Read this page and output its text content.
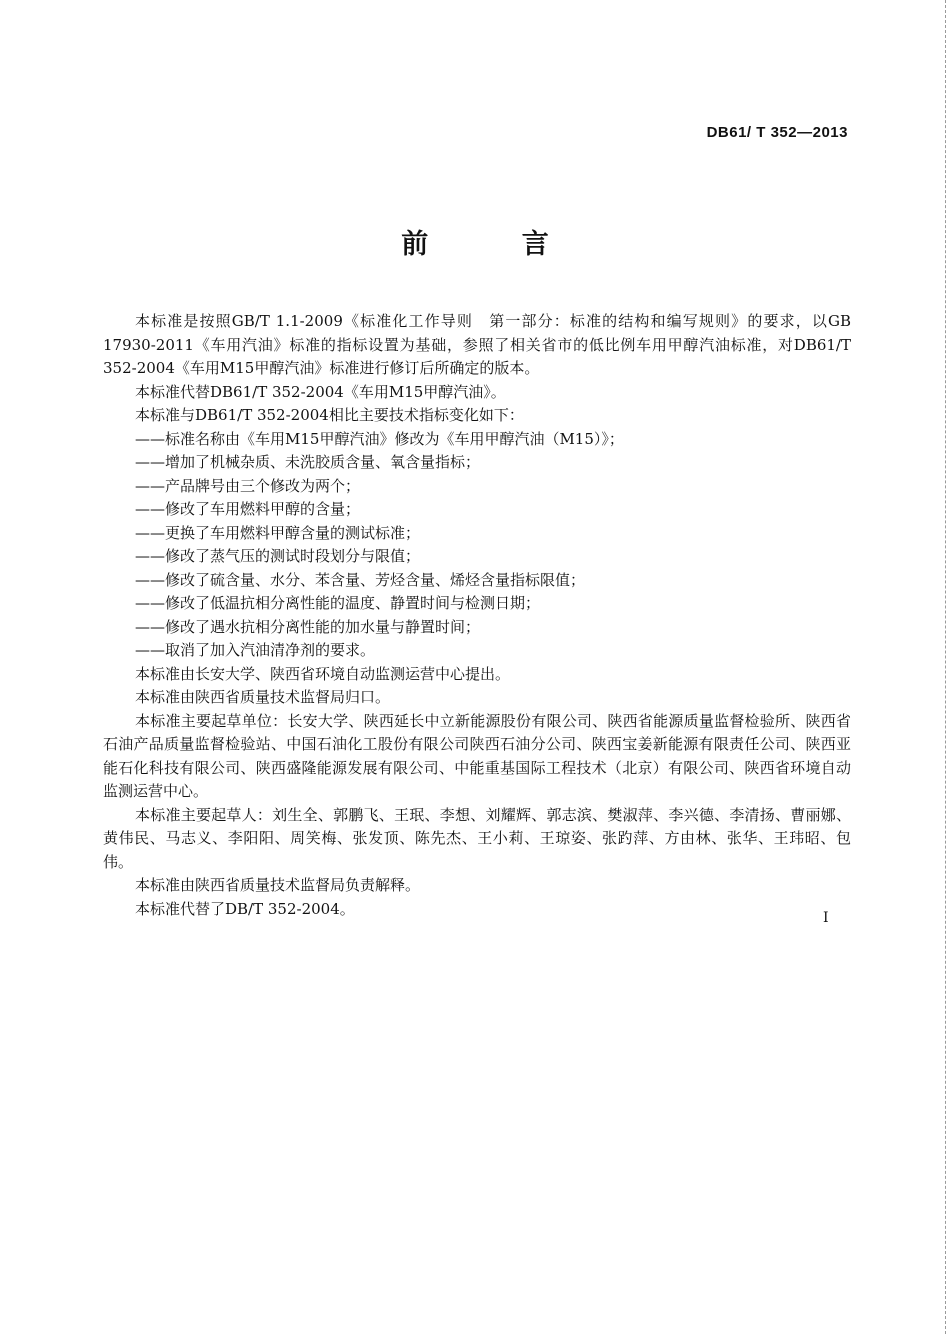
DB61/ T 352—2013
前 言

本标准是按照GB/T 1.1-2009《标准化工作导则　第一部分：标准的结构和编写规则》的要求，以GB 17930-2011《车用汽油》标准的指标设置为基础，参照了相关省市的低比例车用甲醇汽油标准，对DB61/T 352-2004《车用M15甲醇汽油》标准进行修订后所确定的版本。

本标准代替DB61/T 352-2004《车用M15甲醇汽油》。

本标准与DB61/T 352-2004相比主要技术指标变化如下：

——标准名称由《车用M15甲醇汽油》修改为《车用甲醇汽油（M15）》；

——增加了机械杂质、未洗胶质含量、氧含量指标；

——产品牌号由三个修改为两个；

——修改了车用燃料甲醇的含量；

——更换了车用燃料甲醇含量的测试标准；

——修改了蒸气压的测试时段划分与限值；

——修改了硫含量、水分、苯含量、芳烃含量、烯烃含量指标限值；

——修改了低温抗相分离性能的温度、静置时间与检测日期；

——修改了遇水抗相分离性能的加水量与静置时间；

——取消了加入汽油清净剂的要求。

本标准由长安大学、陕西省环境自动监测运营中心提出。

本标准由陕西省质量技术监督局归口。

本标准主要起草单位：长安大学、陕西延长中立新能源股份有限公司、陕西省能源质量监督检验所、陕西省石油产品质量监督检验站、中国石油化工股份有限公司陕西石油分公司、陕西宝姜新能源有限责任公司、陕西亚能石化科技有限公司、陕西盛隆能源发展有限公司、中能重基国际工程技术（北京）有限公司、陕西省环境自动监测运营中心。

本标准主要起草人：刘生全、郭鹏飞、王珉、李想、刘耀辉、郭志滨、樊淑萍、李兴德、李清扬、曹丽娜、黄伟民、马志义、李阳阳、周笑梅、张发顶、陈先杰、王小莉、王琼姿、张趵萍、方由林、张华、王玮昭、包伟。

本标准由陕西省质量技术监督局负责解释。

本标准代替了DB/T 352-2004。

I
